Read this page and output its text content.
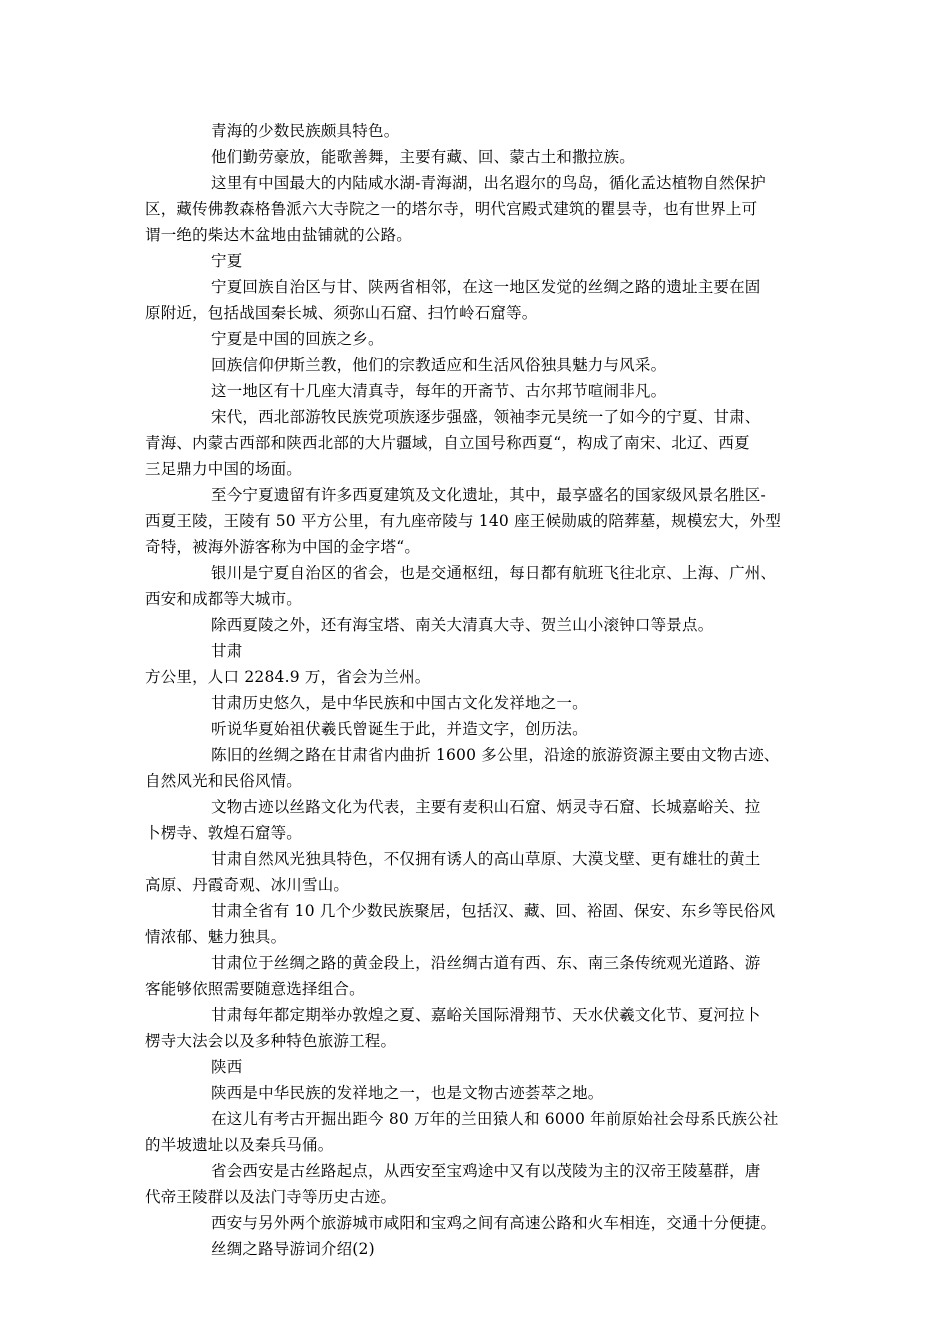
青海的少数民族颇具特色。
他们勤劳豪放，能歌善舞，主要有藏、回、蒙古土和撒拉族。
这里有中国最大的内陆咸水湖-青海湖，出名遐尔的鸟岛，循化孟达植物自然保护
区，藏传佛教森格鲁派六大寺院之一的塔尔寺，明代宫殿式建筑的瞿昙寺，也有世界上可
谓一绝的柴达木盆地由盐铺就的公路。
宁夏
宁夏回族自治区与甘、陕两省相邻，在这一地区发觉的丝绸之路的遗址主要在固
原附近，包括战国秦长城、须弥山石窟、扫竹岭石窟等。
宁夏是中国的回族之乡。
回族信仰伊斯兰教，他们的宗教适应和生活风俗独具魅力与风采。
这一地区有十几座大清真寺，每年的开斋节、古尔邦节喧闹非凡。
宋代，西北部游牧民族党项族逐步强盛，领袖李元昊统一了如今的宁夏、甘肃、
青海、内蒙古西部和陕西北部的大片疆域，自立国号称西夏“，构成了南宋、北辽、西夏
三足鼎力中国的场面。
至今宁夏遗留有许多西夏建筑及文化遗址，其中，最享盛名的国家级风景名胜区-
西夏王陵，王陵有 50 平方公里，有九座帝陵与 140 座王候勋戚的陪葬墓，规模宏大，外型
奇特，被海外游客称为中国的金字塔“。
银川是宁夏自治区的省会，也是交通枢纽，每日都有航班飞往北京、上海、广州、
西安和成都等大城市。
除西夏陵之外，还有海宝塔、南关大清真大寺、贺兰山小滚钟口等景点。
甘肃
方公里，人口 2284.9 万，省会为兰州。
甘肃历史悠久，是中华民族和中国古文化发祥地之一。
听说华夏始祖伏羲氏曾诞生于此，并造文字，创历法。
陈旧的丝绸之路在甘肃省内曲折 1600 多公里，沿途的旅游资源主要由文物古迹、
自然风光和民俗风情。
文物古迹以丝路文化为代表，主要有麦积山石窟、炳灵寺石窟、长城嘉峪关、拉
卜楞寺、敦煌石窟等。
甘肃自然风光独具特色，不仅拥有诱人的高山草原、大漠戈壁、更有雄壮的黄土
高原、丹霞奇观、冰川雪山。
甘肃全省有 10 几个少数民族聚居，包括汉、藏、回、裕固、保安、东乡等民俗风
情浓郁、魅力独具。
甘肃位于丝绸之路的黄金段上，沿丝绸古道有西、东、南三条传统观光道路、游
客能够依照需要随意选择组合。
甘肃每年都定期举办敦煌之夏、嘉峪关国际滑翔节、天水伏羲文化节、夏河拉卜
楞寺大法会以及多种特色旅游工程。
陕西
陕西是中华民族的发祥地之一，也是文物古迹荟萃之地。
在这儿有考古开掘出距今 80 万年的兰田猿人和 6000 年前原始社会母系氏族公社
的半坡遗址以及秦兵马俑。
省会西安是古丝路起点，从西安至宝鸡途中又有以茂陵为主的汉帝王陵墓群，唐
代帝王陵群以及法门寺等历史古迹。
西安与另外两个旅游城市咸阳和宝鸡之间有高速公路和火车相连，交通十分便捷。
丝绸之路导游词介绍(2)
